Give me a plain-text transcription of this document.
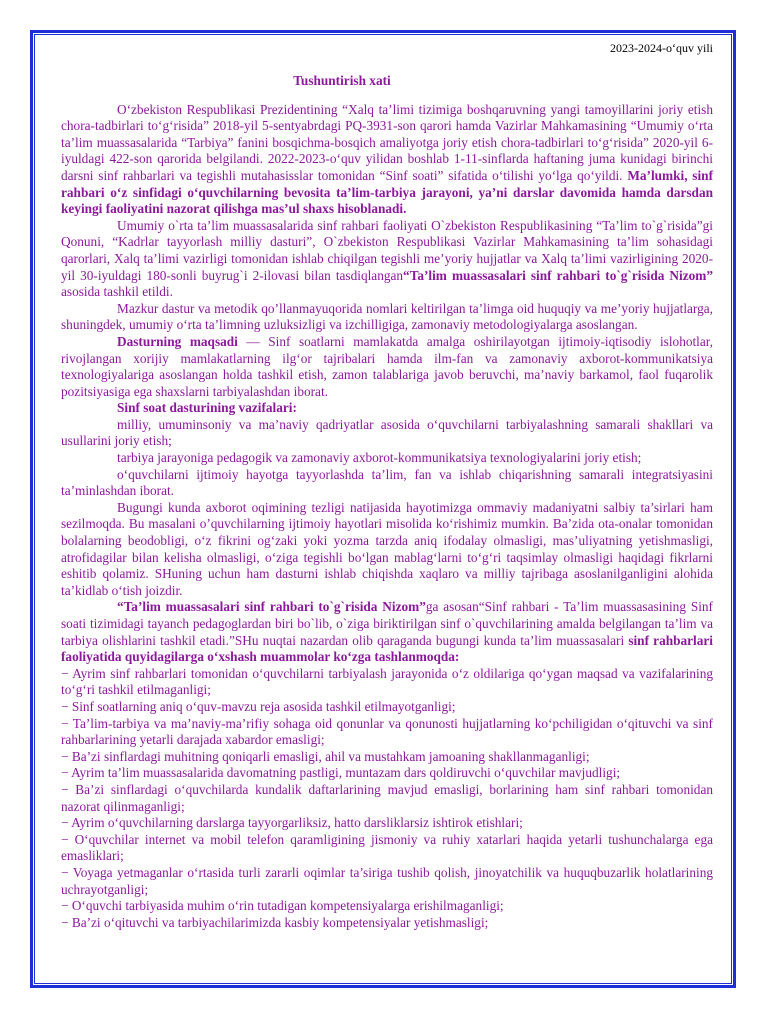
2023-2024-o‘quv yili
Tushuntirish xati

O‘zbekiston Respublikasi Prezidentining “Xalq ta’limi tizimiga boshqaruvning yangi tamoyillarini joriy etish chora-tadbirlari to‘g‘risida” 2018-yil 5-sentyabrdagi PQ-3931-son qarori hamda Vazirlar Mahkamasining “Umumiy o‘rta ta’lim muassasalarida “Tarbiya” fanini bosqichma-bosqich amaliyotga joriy etish chora-tadbirlari to‘g‘risida” 2020-yil 6-iyuldagi 422-son qarorida belgilandi. 2022-2023-o‘quv yilidan boshlab 1-11-sinflarda haftaning juma kunidagi birinchi darsni sinf rahbarlari va tegishli mutahasisslar tomonidan “Sinf soati” sifatida o‘tilishi yo‘lga qo‘yildi. Ma’lumki, sinf rahbari o‘z sinfidagi o‘quvchilarning bevosita ta’lim-tarbiya jarayoni, ya’ni darslar davomida hamda darsdan keyingi faoliyatini nazorat qilishga mas’ul shaxs hisoblanadi.

Umumiy o`rta ta’lim muassasalarida sinf rahbari faoliyati O`zbekiston Respublikasining “Ta’lim to`g`risida”gi Qonuni, “Kadrlar tayyorlash milliy dasturi”, O`zbekiston Respublikasi Vazirlar Mahkamasining ta’lim sohasidagi qarorlari, Xalq ta’limi vazirligi tomonidan ishlab chiqilgan tegishli me’yoriy hujjatlar va Xalq ta’limi vazirligining 2020-yil 30-iyuldagi 180-sonli buyrug`i 2-ilovasi bilan tasdiqlangan“Ta’lim muassasalari sinf rahbari to`g`risida Nizom” asosida tashkil etildi.

Mazkur dastur va metodik qo’llanmayuqorida nomlari keltirilgan ta’limga oid huquqiy va me’yoriy hujjatlarga, shuningdek, umumiy o‘rta ta’limning uzluksizligi va izchilligiga, zamonaviy metodologiyalarga asoslangan.

Dasturning maqsadi — Sinf soatlarni mamlakatda amalga oshirilayotgan ijtimoiy-iqtisodiy islohotlar, rivojlangan xorijiy mamlakatlarning ilg‘or tajribalari hamda ilm-fan va zamonaviy axborot-kommunikatsiya texnologiyalariga asoslangan holda tashkil etish, zamon talablariga javob beruvchi, ma’naviy barkamol, faol fuqarolik pozitsiyasiga ega shaxslarni tarbiyalashdan iborat.

Sinf soat dasturining vazifalari:

milliy, umuminsoniy va ma’naviy qadriyatlar asosida o‘quvchilarni tarbiyalashning samarali shakllari va usullarini joriy etish;

tarbiya jarayoniga pedagogik va zamonaviy axborot-kommunikatsiya texnologiyalarini joriy etish;

o‘quvchilarni ijtimoiy hayotga tayyorlashda ta’lim, fan va ishlab chiqarishning samarali integratsiyasini ta’minlashdan iborat.

Bugungi kunda axborot oqimining tezligi natijasida hayotimizga ommaviy madaniyatni salbiy ta’sirlari ham sezilmoqda. Bu masalani o’quvchilarning ijtimoiy hayotlari misolida ko‘rishimiz mumkin. Ba’zida ota-onalar tomonidan bolalarning beodobligi, o‘z fikrini og‘zaki yoki yozma tarzda aniq ifodalay olmasligi, mas’uliyatning yetishmasligi, atrofidagilar bilan kelisha olmasligi, o‘ziga tegishli bo‘lgan mablag‘larni to‘g‘ri taqsimlay olmasligi haqidagi fikrlarni eshitib qolamiz. SHuning uchun ham dasturni ishlab chiqishda xaqlaro va milliy tajribaga asoslanilganligini alohida ta’kidlab o‘tish joizdir.

“Ta’lim muassasalari sinf rahbari to`g`risida Nizom”ga asosan“Sinf rahbari - Ta’lim muassasasining Sinf soati tizimidagi tayanch pedagoglardan biri bo`lib, o`ziga biriktirilgan sinf o`quvchilarining amalda belgilangan ta’lim va tarbiya olishlarini tashkil etadi.”SHu nuqtai nazardan olib qaraganda bugungi kunda ta’lim muassasalari sinf rahbarlari faoliyatida quyidagilarga o‘xshash muammolar ko‘zga tashlanmoqda:

− Ayrim sinf rahbarlari tomonidan o‘quvchilarni tarbiyalash jarayonida o‘z oldilariga qo‘ygan maqsad va vazifalarining to‘g‘ri tashkil etilmaganligi;

− Sinf soatlarning aniq o‘quv-mavzu reja asosida tashkil etilmayotganligi;

− Ta’lim-tarbiya va ma’naviy-ma’rifiy sohaga oid qonunlar va qonunosti hujjatlarning ko‘pchiligidan o‘qituvchi va sinf rahbarlarining yetarli darajada xabardor emasligi;

− Ba’zi sinflardagi muhitning qoniqarli emasligi, ahil va mustahkam jamoaning shakllanmaganligi;

− Ayrim ta’lim muassasalarida davomatning pastligi, muntazam dars qoldiruvchi o‘quvchilar mavjudligi;

− Ba’zi sinflardagi o‘quvchilarda kundalik daftarlarining mavjud emasligi, borlarining ham sinf rahbari tomonidan nazorat qilinmaganligi;

− Ayrim o‘quvchilarning darslarga tayyorgarliksiz, hatto darsliklarsiz ishtirok etishlari;

− O‘quvchilar internet va mobil telefon qaramligining jismoniy va ruhiy xatarlari haqida yetarli tushunchalarga ega emasliklari;

− Voyaga yetmaganlar o‘rtasida turli zararli oqimlar ta’siriga tushib qolish, jinoyatchilik va huquqbuzarlik holatlarining uchrayotganligi;

− O‘quvchi tarbiyasida muhim o‘rin tutadigan kompetensiyalarga erishilmaganligi;

− Ba’zi o‘qituvchi va tarbiyachilarimizda kasbiy kompetensiyalar yetishmasligi;
